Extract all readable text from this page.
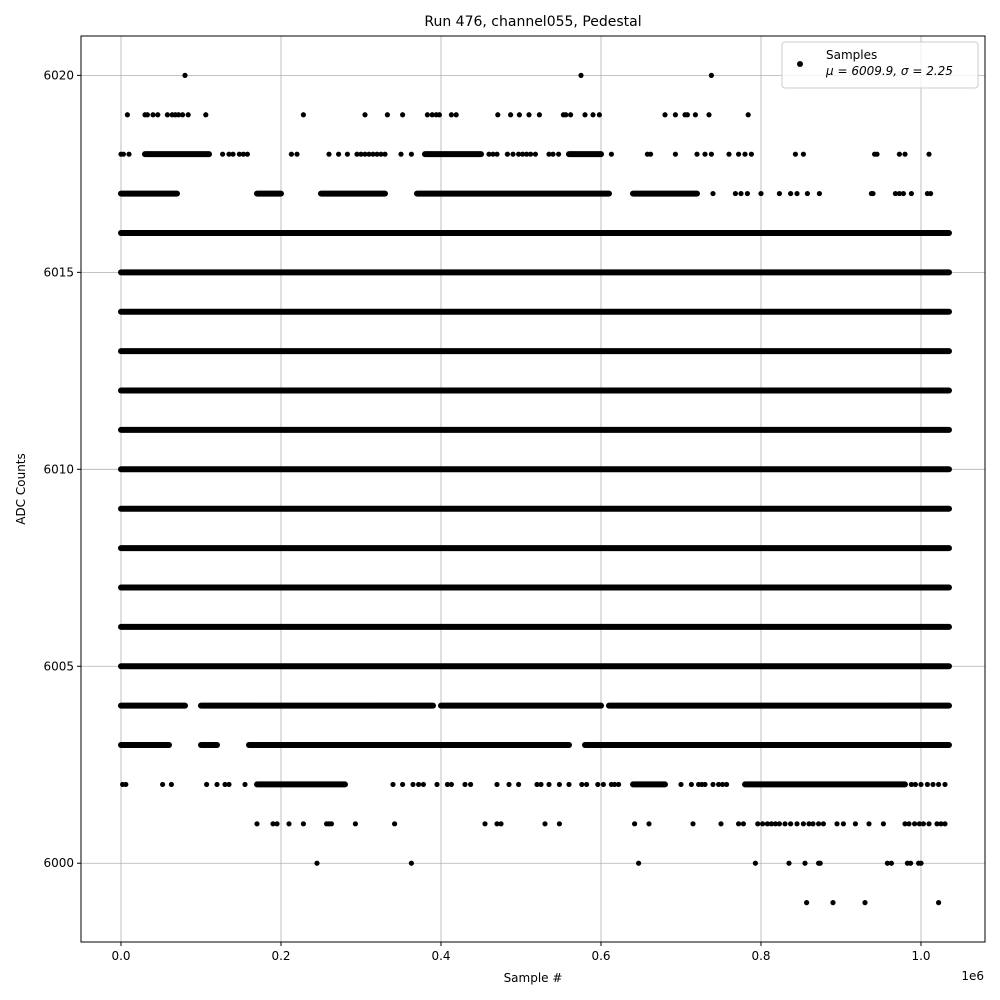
0.0	0.2	0.4	0.6	0.8	1.0
6000
6005
6010
6015
6020
Run 476, channel055, Pedestal
Sample #
ADC Counts
1e6
Samples
μ = 6009.9, σ = 2.25
